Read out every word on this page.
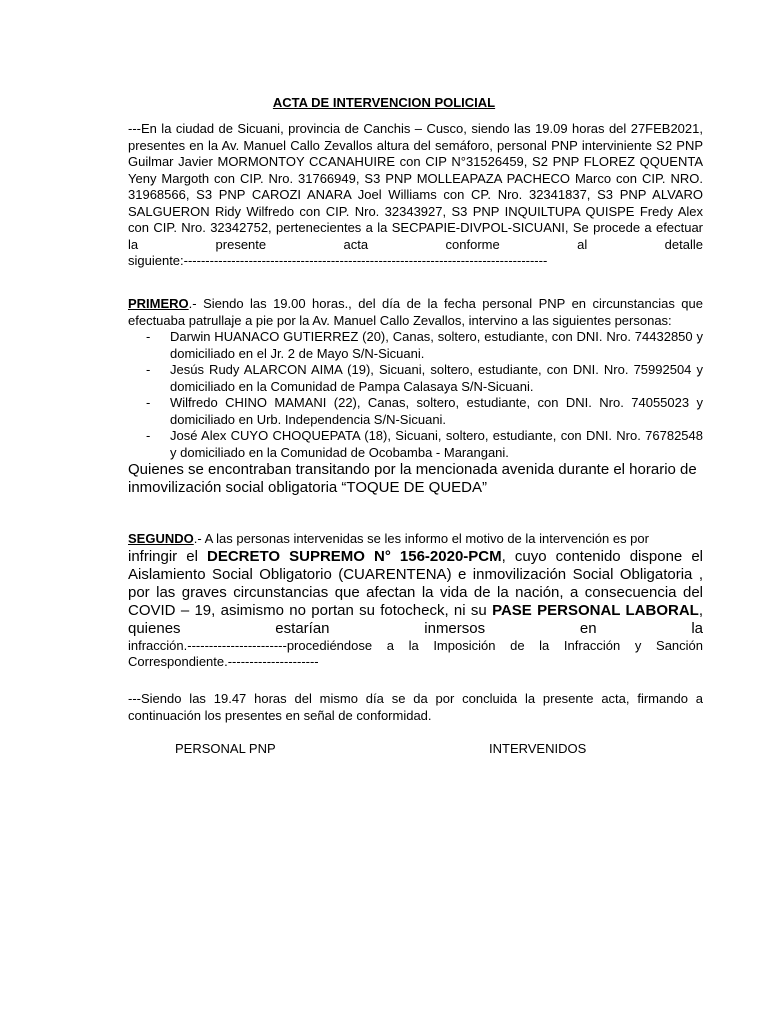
ACTA DE INTERVENCION POLICIAL
---En la ciudad de Sicuani, provincia de Canchis – Cusco, siendo las 19.09 horas del 27FEB2021, presentes en la Av. Manuel Callo Zevallos altura del semáforo, personal PNP interviniente S2 PNP Guilmar Javier MORMONTOY CCANAHUIRE con CIP N°31526459, S2 PNP FLOREZ QQUENTA Yeny Margoth con CIP. Nro. 31766949, S3 PNP MOLLEAPAZA PACHECO Marco con CIP. NRO. 31968566, S3 PNP CAROZI ANARA Joel Williams con CP. Nro. 32341837, S3 PNP ALVARO SALGUERON Ridy Wilfredo con CIP. Nro. 32343927, S3 PNP INQUILTUPA QUISPE Fredy Alex con CIP. Nro. 32342752, pertenecientes a la SECPAPIE-DIVPOL-SICUANI, Se procede a efectuar la presente acta conforme al detalle
siguiente:------------------------------------------------------------------------------------
PRIMERO.- Siendo las 19.00 horas., del día de la fecha personal PNP en circunstancias que efectuaba patrullaje a pie por la Av. Manuel Callo Zevallos, intervino a las siguientes personas:
- Darwin HUANACO GUTIERREZ (20), Canas, soltero, estudiante, con DNI. Nro. 74432850 y domiciliado en el Jr. 2 de Mayo S/N-Sicuani.
- Jesús Rudy ALARCON AIMA (19), Sicuani, soltero, estudiante, con DNI. Nro. 75992504 y domiciliado en la Comunidad de Pampa Calasaya S/N-Sicuani.
- Wilfredo CHINO MAMANI (22), Canas, soltero, estudiante, con DNI. Nro. 74055023 y domiciliado en Urb. Independencia S/N-Sicuani.
- José Alex CUYO CHOQUEPATA (18), Sicuani, soltero, estudiante, con DNI. Nro. 76782548 y domiciliado en la Comunidad de Ocobamba - Marangani.
Quienes se encontraban transitando por la mencionada avenida durante el horario de inmovilización social obligatoria “TOQUE DE QUEDA”
SEGUNDO.- A las personas intervenidas se les informo el motivo de la intervención es por
infringir el DECRETO SUPREMO N° 156-2020-PCM, cuyo contenido dispone el Aislamiento Social Obligatorio (CUARENTENA) e inmovilización Social Obligatoria , por las graves circunstancias que afectan la vida de la nación, a consecuencia del COVID – 19, asimismo no portan su fotocheck, ni su PASE PERSONAL LABORAL, quienes estarían inmersos en la
infracción.-----------------------procediéndose a la Imposición de la Infracción y Sanción Correspondiente.---------------------
---Siendo las 19.47 horas del mismo día se da por concluida la presente acta, firmando a continuación los presentes en señal de conformidad.
PERSONAL PNP	INTERVENIDOS
